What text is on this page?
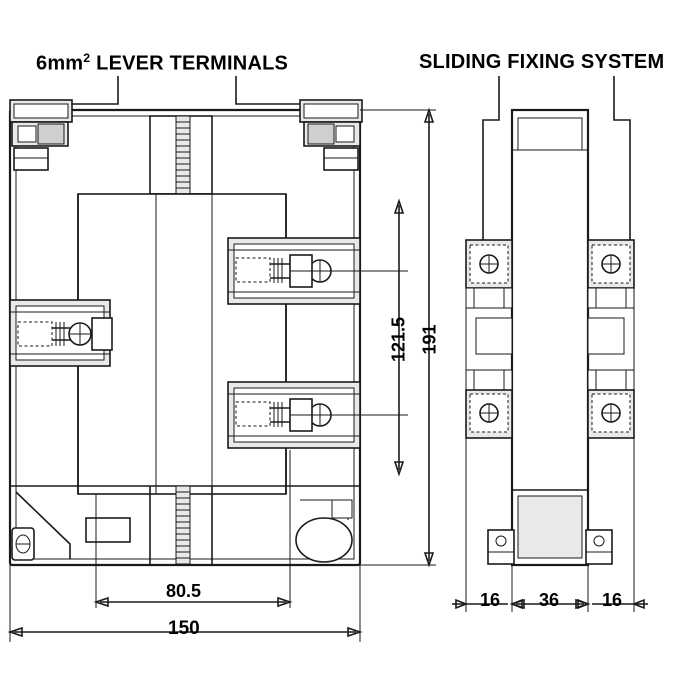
$6mm^2$ LEVER TERMINALS	SLIDING FIXING SYSTEM
80.5
150
121.5 191
16 36 16
